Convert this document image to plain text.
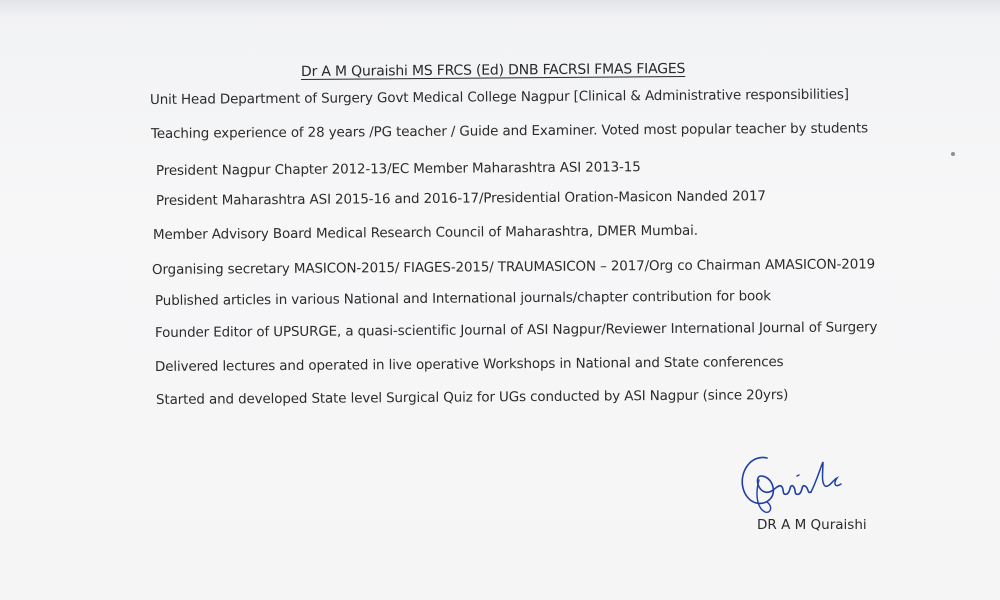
Dr A M Quraishi MS FRCS (Ed) DNB FACRSI FMAS FIAGES
Unit Head Department of Surgery Govt Medical College Nagpur [Clinical & Administrative responsibilities]
Teaching experience of 28 years /PG teacher / Guide and Examiner. Voted most popular teacher by students
President Nagpur Chapter 2012-13/EC Member Maharashtra ASI 2013-15
President Maharashtra ASI 2015-16 and 2016-17/Presidential Oration-Masicon Nanded 2017
Member Advisory Board Medical Research Council of Maharashtra, DMER Mumbai.
Organising secretary MASICON-2015/ FIAGES-2015/ TRAUMASICON – 2017/Org co Chairman AMASICON-2019
Published articles in various National and International journals/chapter contribution for book
Founder Editor of UPSURGE, a quasi-scientific Journal of ASI Nagpur/Reviewer International Journal of Surgery
Delivered lectures and operated in live operative Workshops in National and State conferences
Started and developed State level Surgical Quiz for UGs conducted by ASI Nagpur (since 20yrs)
DR A M Quraishi
